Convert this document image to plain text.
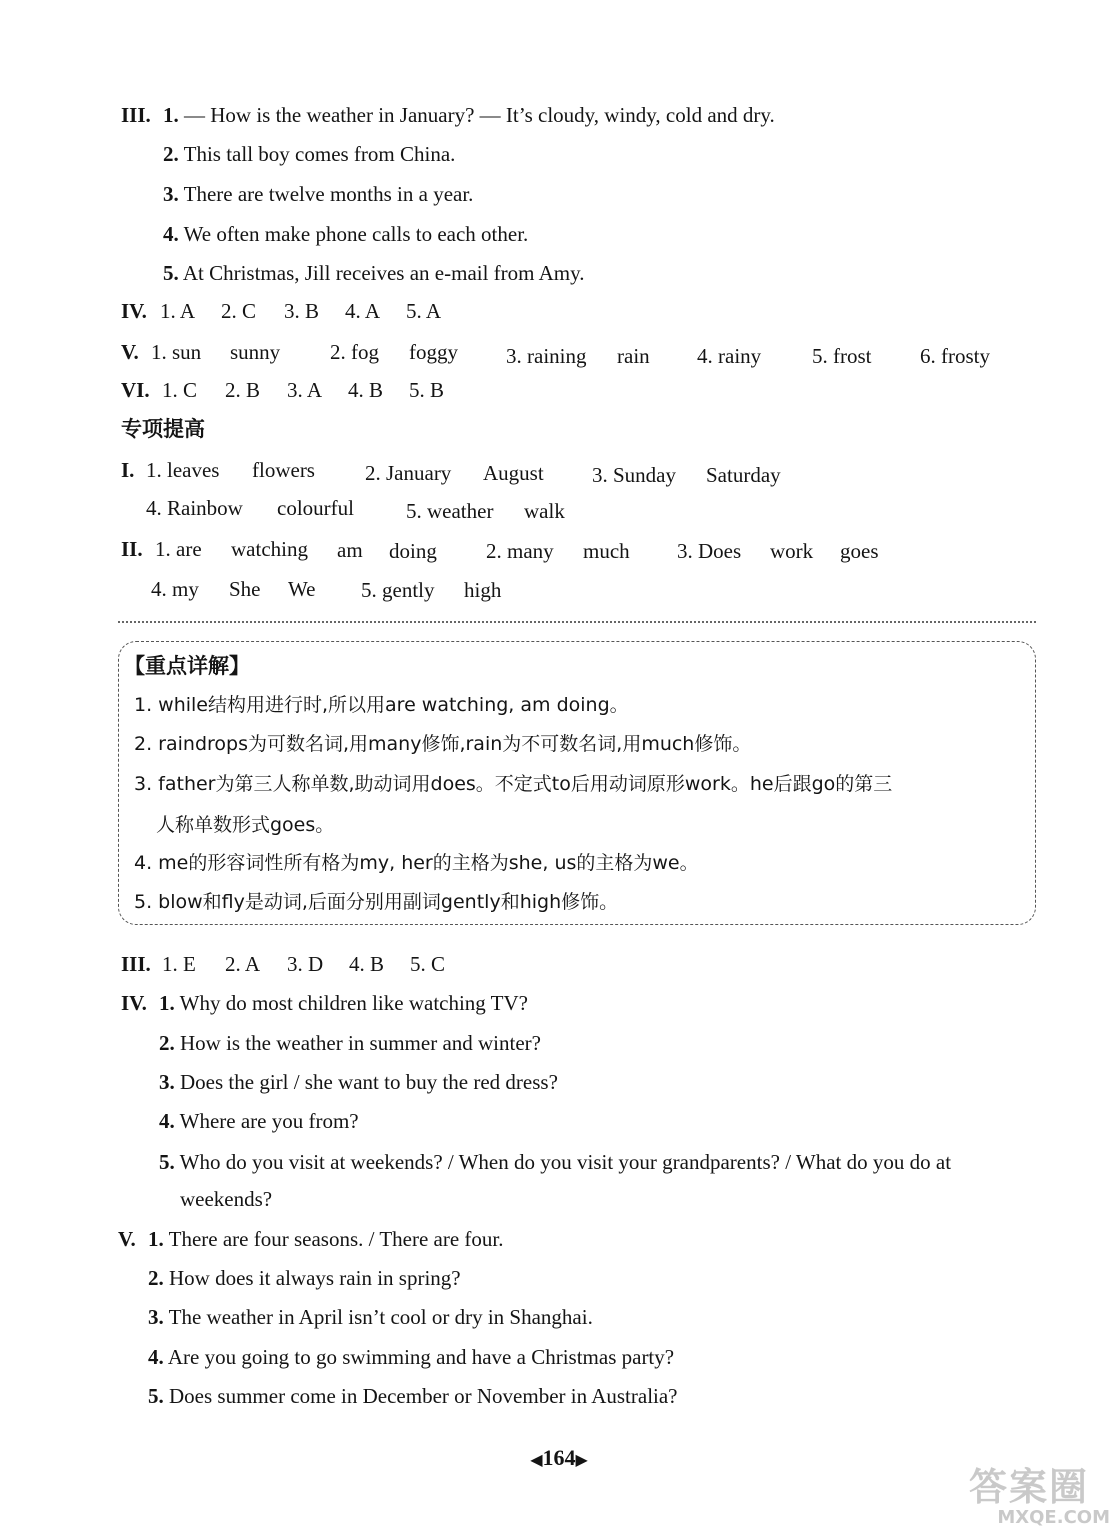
III. 1. — How is the weather in January? — It’s cloudy, windy, cold and dry.
2. This tall boy comes from China.
3. There are twelve months in a year.
4. We often make phone calls to each other.
5. At Christmas, Jill receives an e-mail from Amy.
IV. 1. A 2. C 3. B 4. A 5. A
V. 1. sun sunny 2. fog foggy 3. raining rain 4. rainy 5. frost 6. frosty
VI. 1. C 2. B 3. A 4. B 5. B
专项提高
I. 1. leaves flowers 2. January August 3. Sunday Saturday
4. Rainbow colourful 5. weather walk
II. 1. are watching am doing 2. many much 3. Does work goes
4. my She We 5. gently high
【重点详解】
1. while结构用进行时,所以用are watching, am doing。
2. raindrops为可数名词,用many修饰,rain为不可数名词,用much修饰。
3. father为第三人称单数,助动词用does。不定式to后用动词原形work。he后跟go的第三
人称单数形式goes。
4. me的形容词性所有格为my, her的主格为she, us的主格为we。
5. blow和fly是动词,后面分别用副词gently和high修饰。
III. 1. E 2. A 3. D 4. B 5. C
IV. 1. Why do most children like watching TV?
2. How is the weather in summer and winter?
3. Does the girl / she want to buy the red dress?
4. Where are you from?
5. Who do you visit at weekends? / When do you visit your grandparents? / What do you do at
weekends?
V. 1. There are four seasons. / There are four.
2. How does it always rain in spring?
3. The weather in April isn’t cool or dry in Shanghai.
4. Are you going to go swimming and have a Christmas party?
5. Does summer come in December or November in Australia?
◀164▶
答案圈
MXQE.COM
